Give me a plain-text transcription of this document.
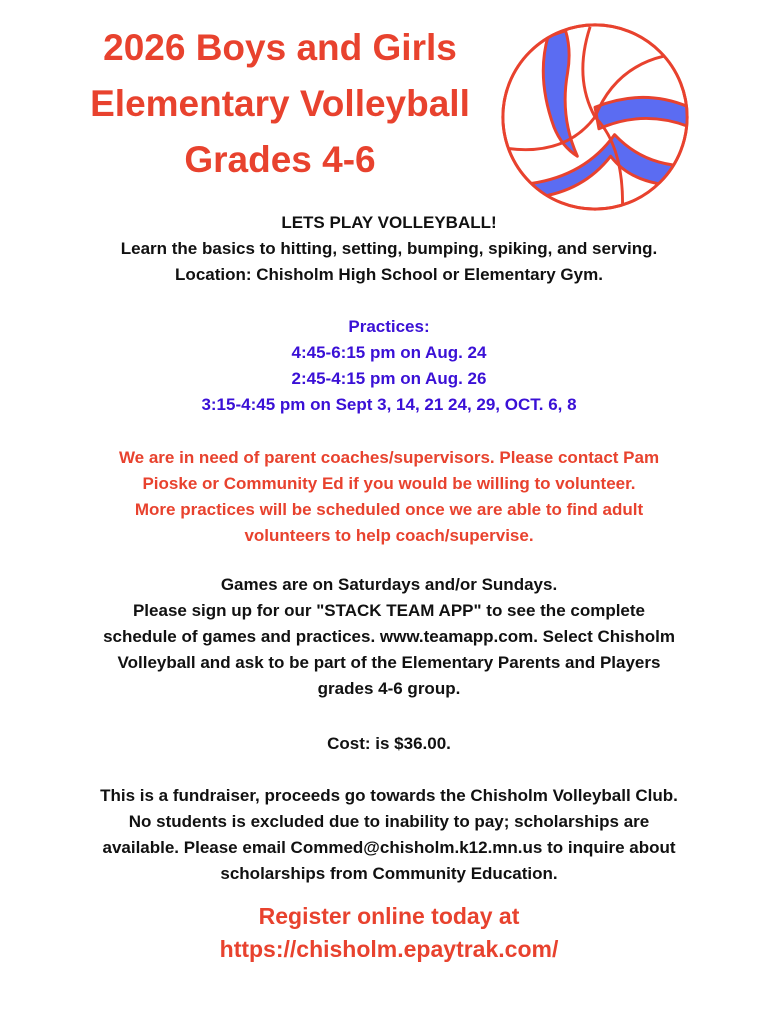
2026 Boys and Girls
Elementary Volleyball
Grades 4-6
LETS PLAY VOLLEYBALL!
Learn the basics to hitting, setting, bumping, spiking, and serving.
Location: Chisholm High School or Elementary Gym.
Practices:
4:45-6:15 pm on Aug. 24
2:45-4:15 pm on Aug. 26
3:15-4:45 pm on Sept 3, 14, 21 24, 29, OCT. 6, 8
We are in need of parent coaches/supervisors. Please contact Pam
Pioske or Community Ed if you would be willing to volunteer.
More practices will be scheduled once we are able to find adult
volunteers to help coach/supervise.
Games are on Saturdays and/or Sundays.
Please sign up for our "STACK TEAM APP" to see the complete
schedule of games and practices. www.teamapp.com. Select Chisholm
Volleyball and ask to be part of the Elementary Parents and Players
grades 4-6 group.
Cost: is $36.00.
This is a fundraiser, proceeds go towards the Chisholm Volleyball Club.
No students is excluded due to inability to pay; scholarships are
available. Please email Commed@chisholm.k12.mn.us to inquire about
scholarships from Community Education.
Register online today at
https://chisholm.epaytrak.com/
